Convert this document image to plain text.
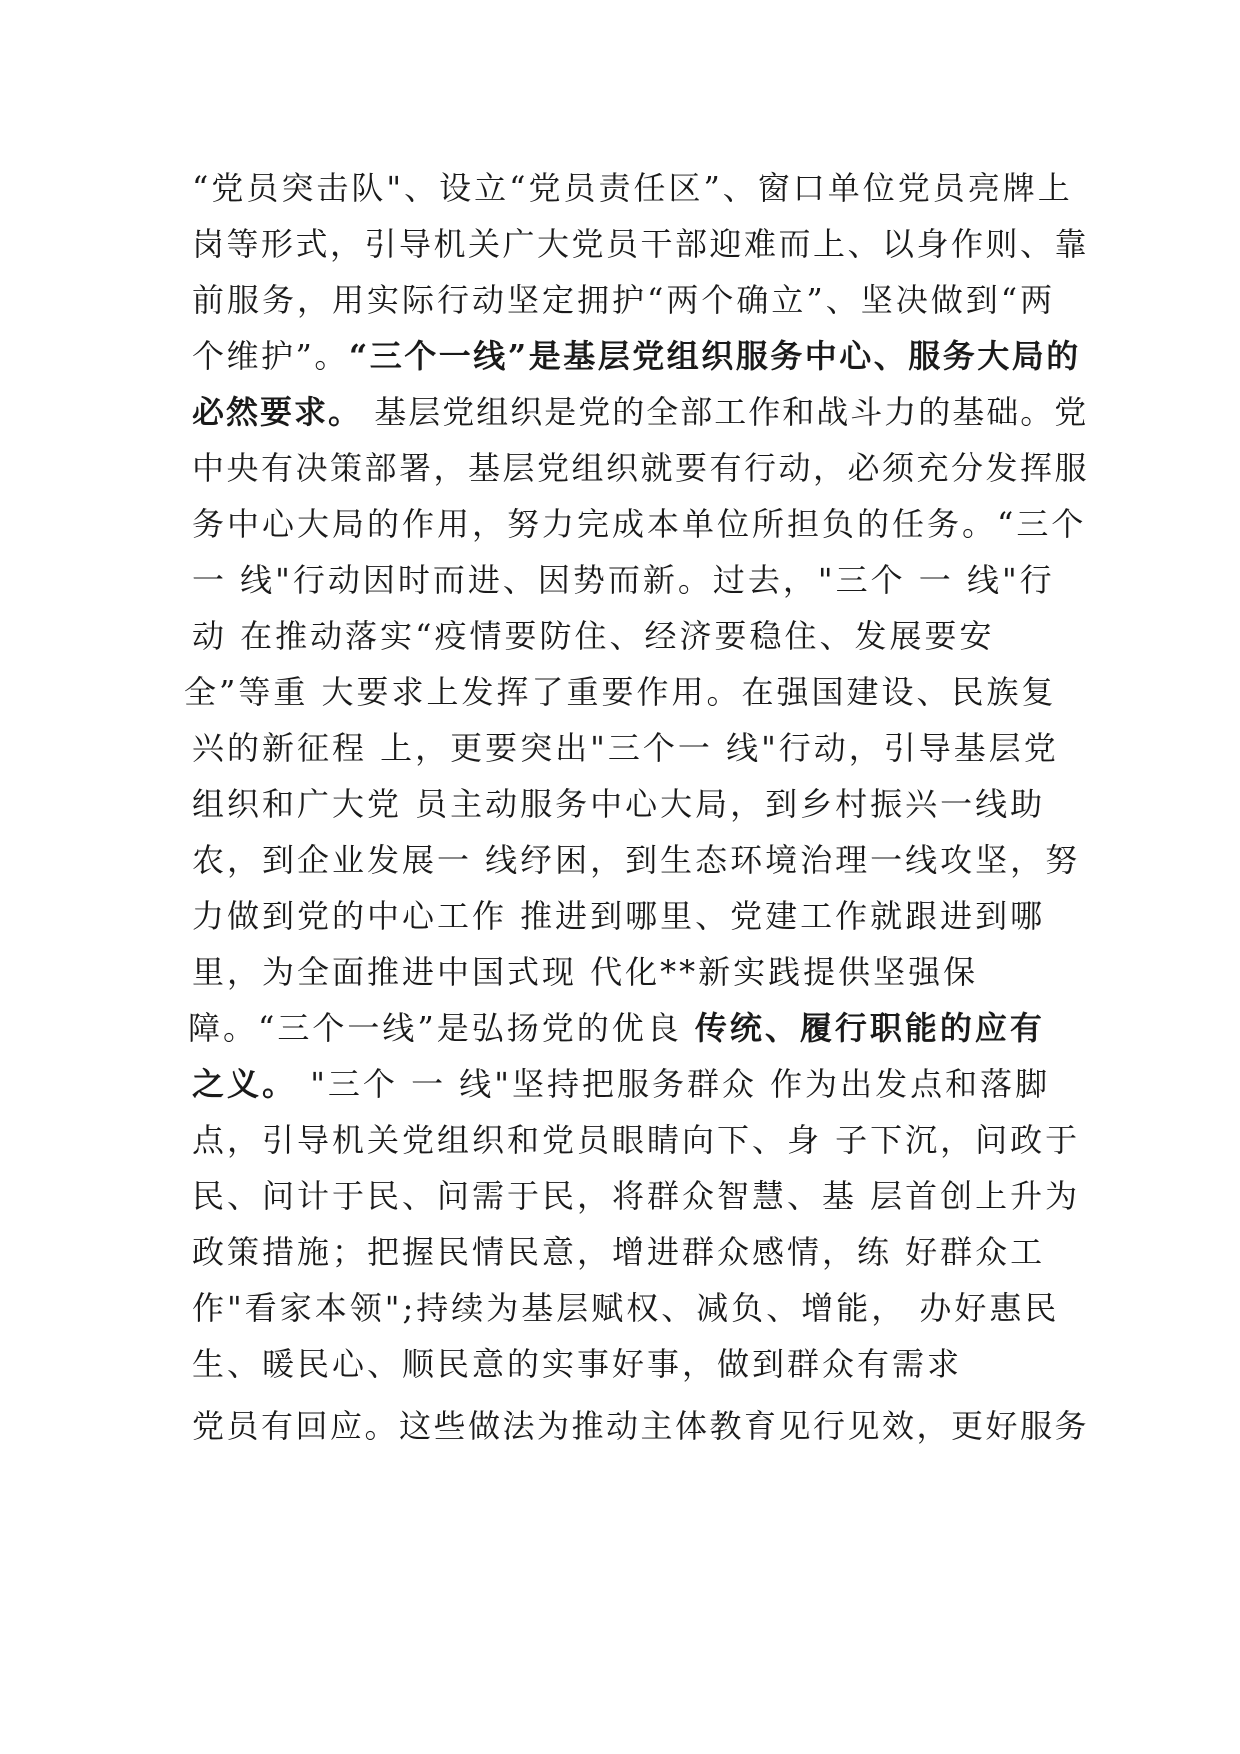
“党员突击队"、设立“党员责任区”、窗口单位党员亮牌上
岗等形式，引导机关广大党员干部迎难而上、以身作则、靠
前服务，用实际行动坚定拥护“两个确立”、坚决做到“两
个维护”。“三个一线”是基层党组织服务中心、服务大局的
必然要求。 基层党组织是党的全部工作和战斗力的基础。党
中央有决策部署，基层党组织就要有行动，必须充分发挥服
务中心大局的作用，努力完成本单位所担负的任务。“三个
一 线"行动因时而进、因势而新。过去，"三个 一 线"行
动 在推动落实“疫情要防住、经济要稳住、发展要安
全”等重 大要求上发挥了重要作用。在强国建设、民族复
兴的新征程 上，更要突出"三个一 线"行动，引导基层党
组织和广大党 员主动服务中心大局，到乡村振兴一线助
农，到企业发展一 线纾困，到生态环境治理一线攻坚，努
力做到党的中心工作 推进到哪里、党建工作就跟进到哪
里，为全面推进中国式现 代化**新实践提供坚强保
障。“三个一线”是弘扬党的优良 传统、履行职能的应有
之义。 "三个 一 线"坚持把服务群众 作为出发点和落脚
点，引导机关党组织和党员眼睛向下、身 子下沉，问政于
民、问计于民、问需于民，将群众智慧、基 层首创上升为
政策措施；把握民情民意，增进群众感情，练 好群众工
作"看家本领";持续为基层赋权、减负、增能， 办好惠民
生、暖民心、顺民意的实事好事，做到群众有需求
党员有回应。这些做法为推动主体教育见行见效，更好服务
